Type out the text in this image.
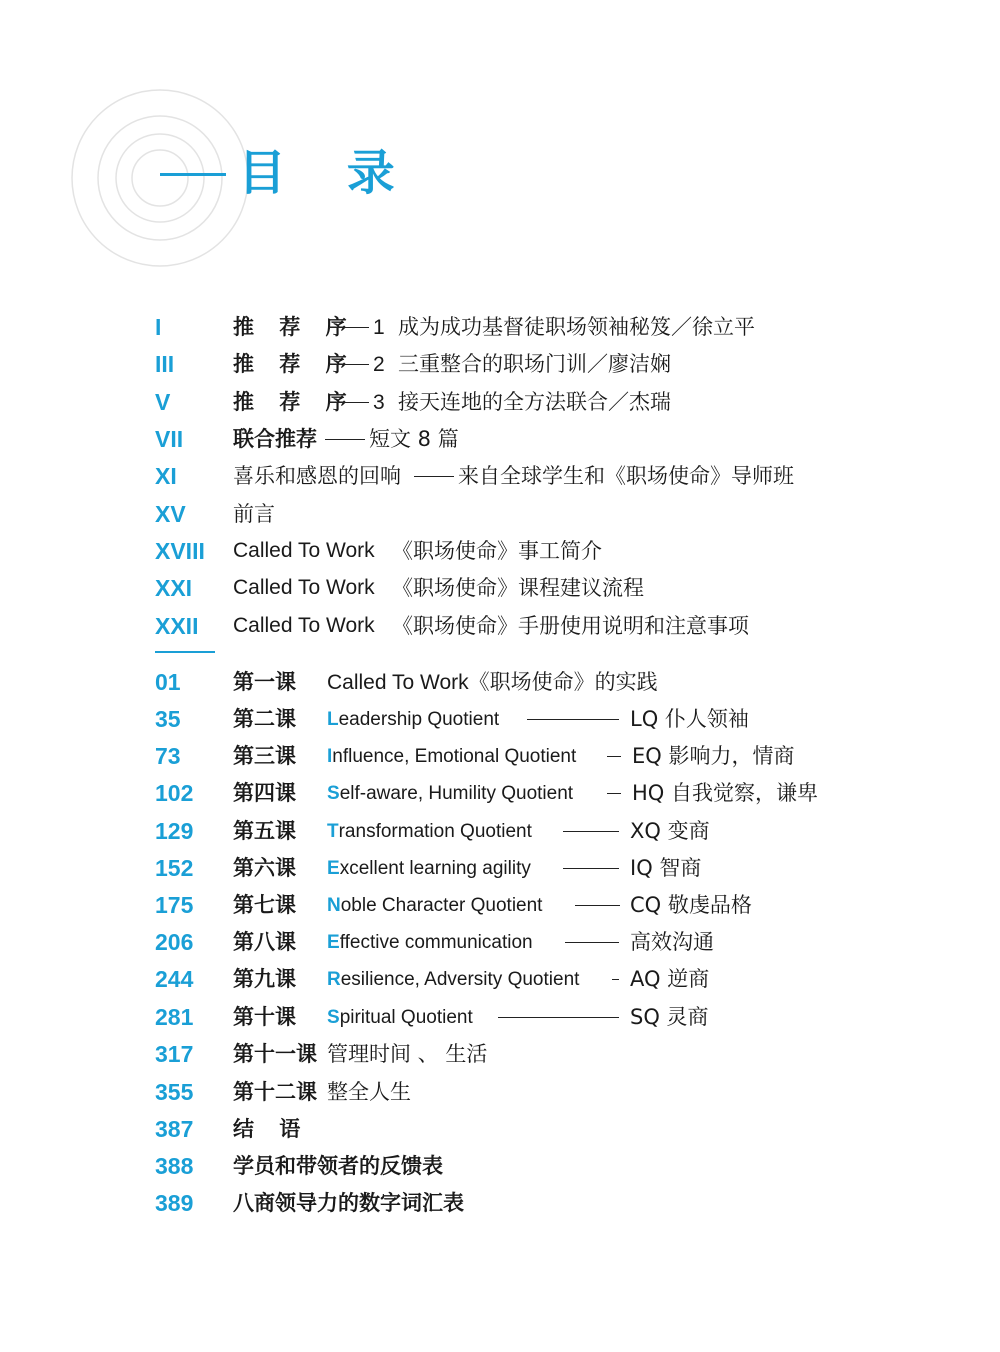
目 录
I	推 荐 序 1 成为成功基督徒职场领袖秘笈／徐立平
III	推 荐 序 2 三重整合的职场门训／廖洁娴
V	推 荐 序 3 接天连地的全方法联合／杰瑞
VII 联合推荐	短文 8 篇
XI	喜乐和感恩的回响	来自全球学生和《职场使命》导师班
XV 前言
XVIII Called To Work 《职场使命》事工简介
XXI Called To Work 《职场使命》课程建议流程
XXII Called To Work 《职场使命》手册使用说明和注意事项
01 第一课 Called To Work《职场使命》的实践
35 第二课 Leadership Quotient	LQ 仆人领袖
73 第三课 Influence, Emotional Quotient	EQ 影响力，情商
102 第四课 Self-aware, Humility Quotient	HQ 自我觉察，谦卑
129 第五课 Transformation Quotient	XQ 变商
152 第六课 Excellent learning agility	IQ 智商
175 第七课 Noble Character Quotient	CQ 敬虔品格
206 第八课 Effective communication	高效沟通
244 第九课 Resilience, Adversity Quotient AQ 逆商
281 第十课 Spiritual Quotient	SQ 灵商
317 第十一课 管理时间 、 生活
355 第十二课 整全人生
387 结 语
388 学员和带领者的反馈表
389 八商领导力的数字词汇表
